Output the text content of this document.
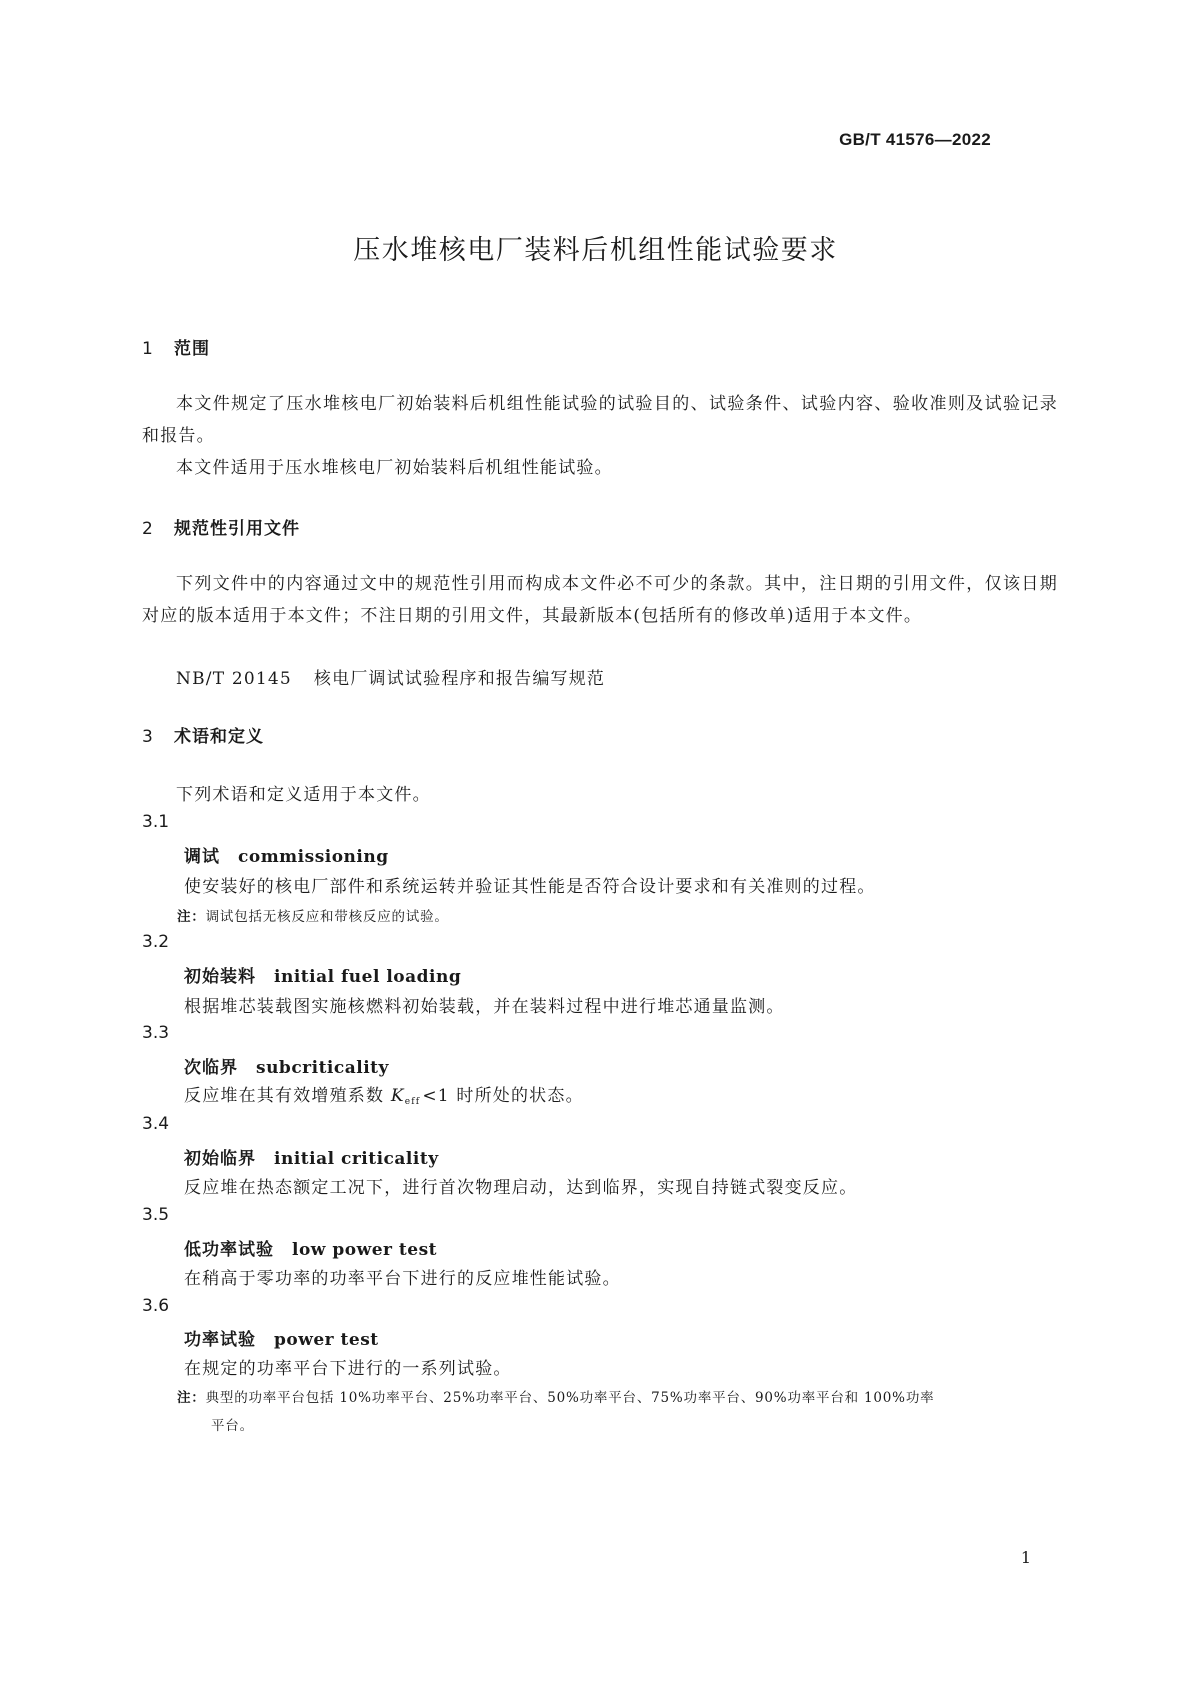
GB/T 41576—2022
压水堆核电厂装料后机组性能试验要求
1 范围
本文件规定了压水堆核电厂初始装料后机组性能试验的试验目的、试验条件、试验内容、验收准则及试验记录和报告。
本文件适用于压水堆核电厂初始装料后机组性能试验。
2 规范性引用文件
下列文件中的内容通过文中的规范性引用而构成本文件必不可少的条款。其中，注日期的引用文件，仅该日期对应的版本适用于本文件；不注日期的引用文件，其最新版本(包括所有的修改单)适用于本文件。
NB/T 20145 核电厂调试试验程序和报告编写规范
3 术语和定义
下列术语和定义适用于本文件。
3.1
调试 commissioning
使安装好的核电厂部件和系统运转并验证其性能是否符合设计要求和有关准则的过程。
注：调试包括无核反应和带核反应的试验。
3.2
初始装料 initial fuel loading
根据堆芯装载图实施核燃料初始装载，并在装料过程中进行堆芯通量监测。
3.3
次临界 subcriticality
反应堆在其有效增殖系数 $K_{eff} <1$ 时所处的状态。
3.4
初始临界 initial criticality
反应堆在热态额定工况下，进行首次物理启动，达到临界，实现自持链式裂变反应。
3.5
低功率试验 low power test
在稍高于零功率的功率平台下进行的反应堆性能试验。
3.6
功率试验 power test
在规定的功率平台下进行的一系列试验。
注：典型的功率平台包括 10%功率平台、25%功率平台、50%功率平台、75%功率平台、90%功率平台和 100%功率
平台。
1
